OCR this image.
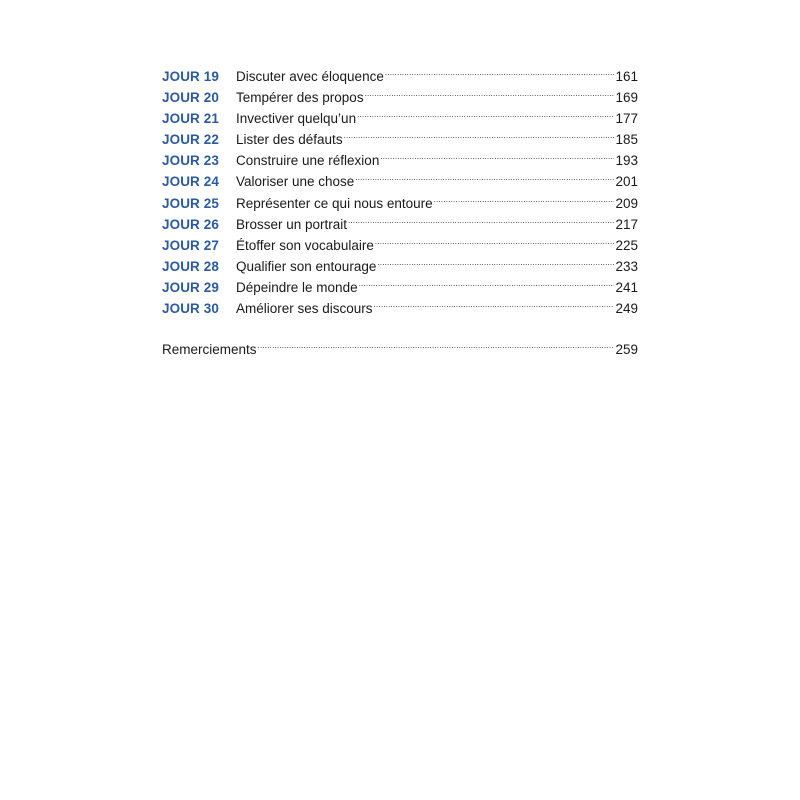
JOUR 19	Discuter avec éloquence .....	161
JOUR 20	Tempérer des propos .....	169
JOUR 21	Invectiver quelqu’un .....	177
JOUR 22	Lister des défauts .....	185
JOUR 23	Construire une réflexion .....	193
JOUR 24	Valoriser une chose .....	201
JOUR 25	Représenter ce qui nous entoure .....	209
JOUR 26	Brosser un portrait .....	217
JOUR 27	Étoffer son vocabulaire .....	225
JOUR 28	Qualifier son entourage .....	233
JOUR 29	Dépeindre le monde .....	241
JOUR 30	Améliorer ses discours .....	249
Remerciements .....	259
